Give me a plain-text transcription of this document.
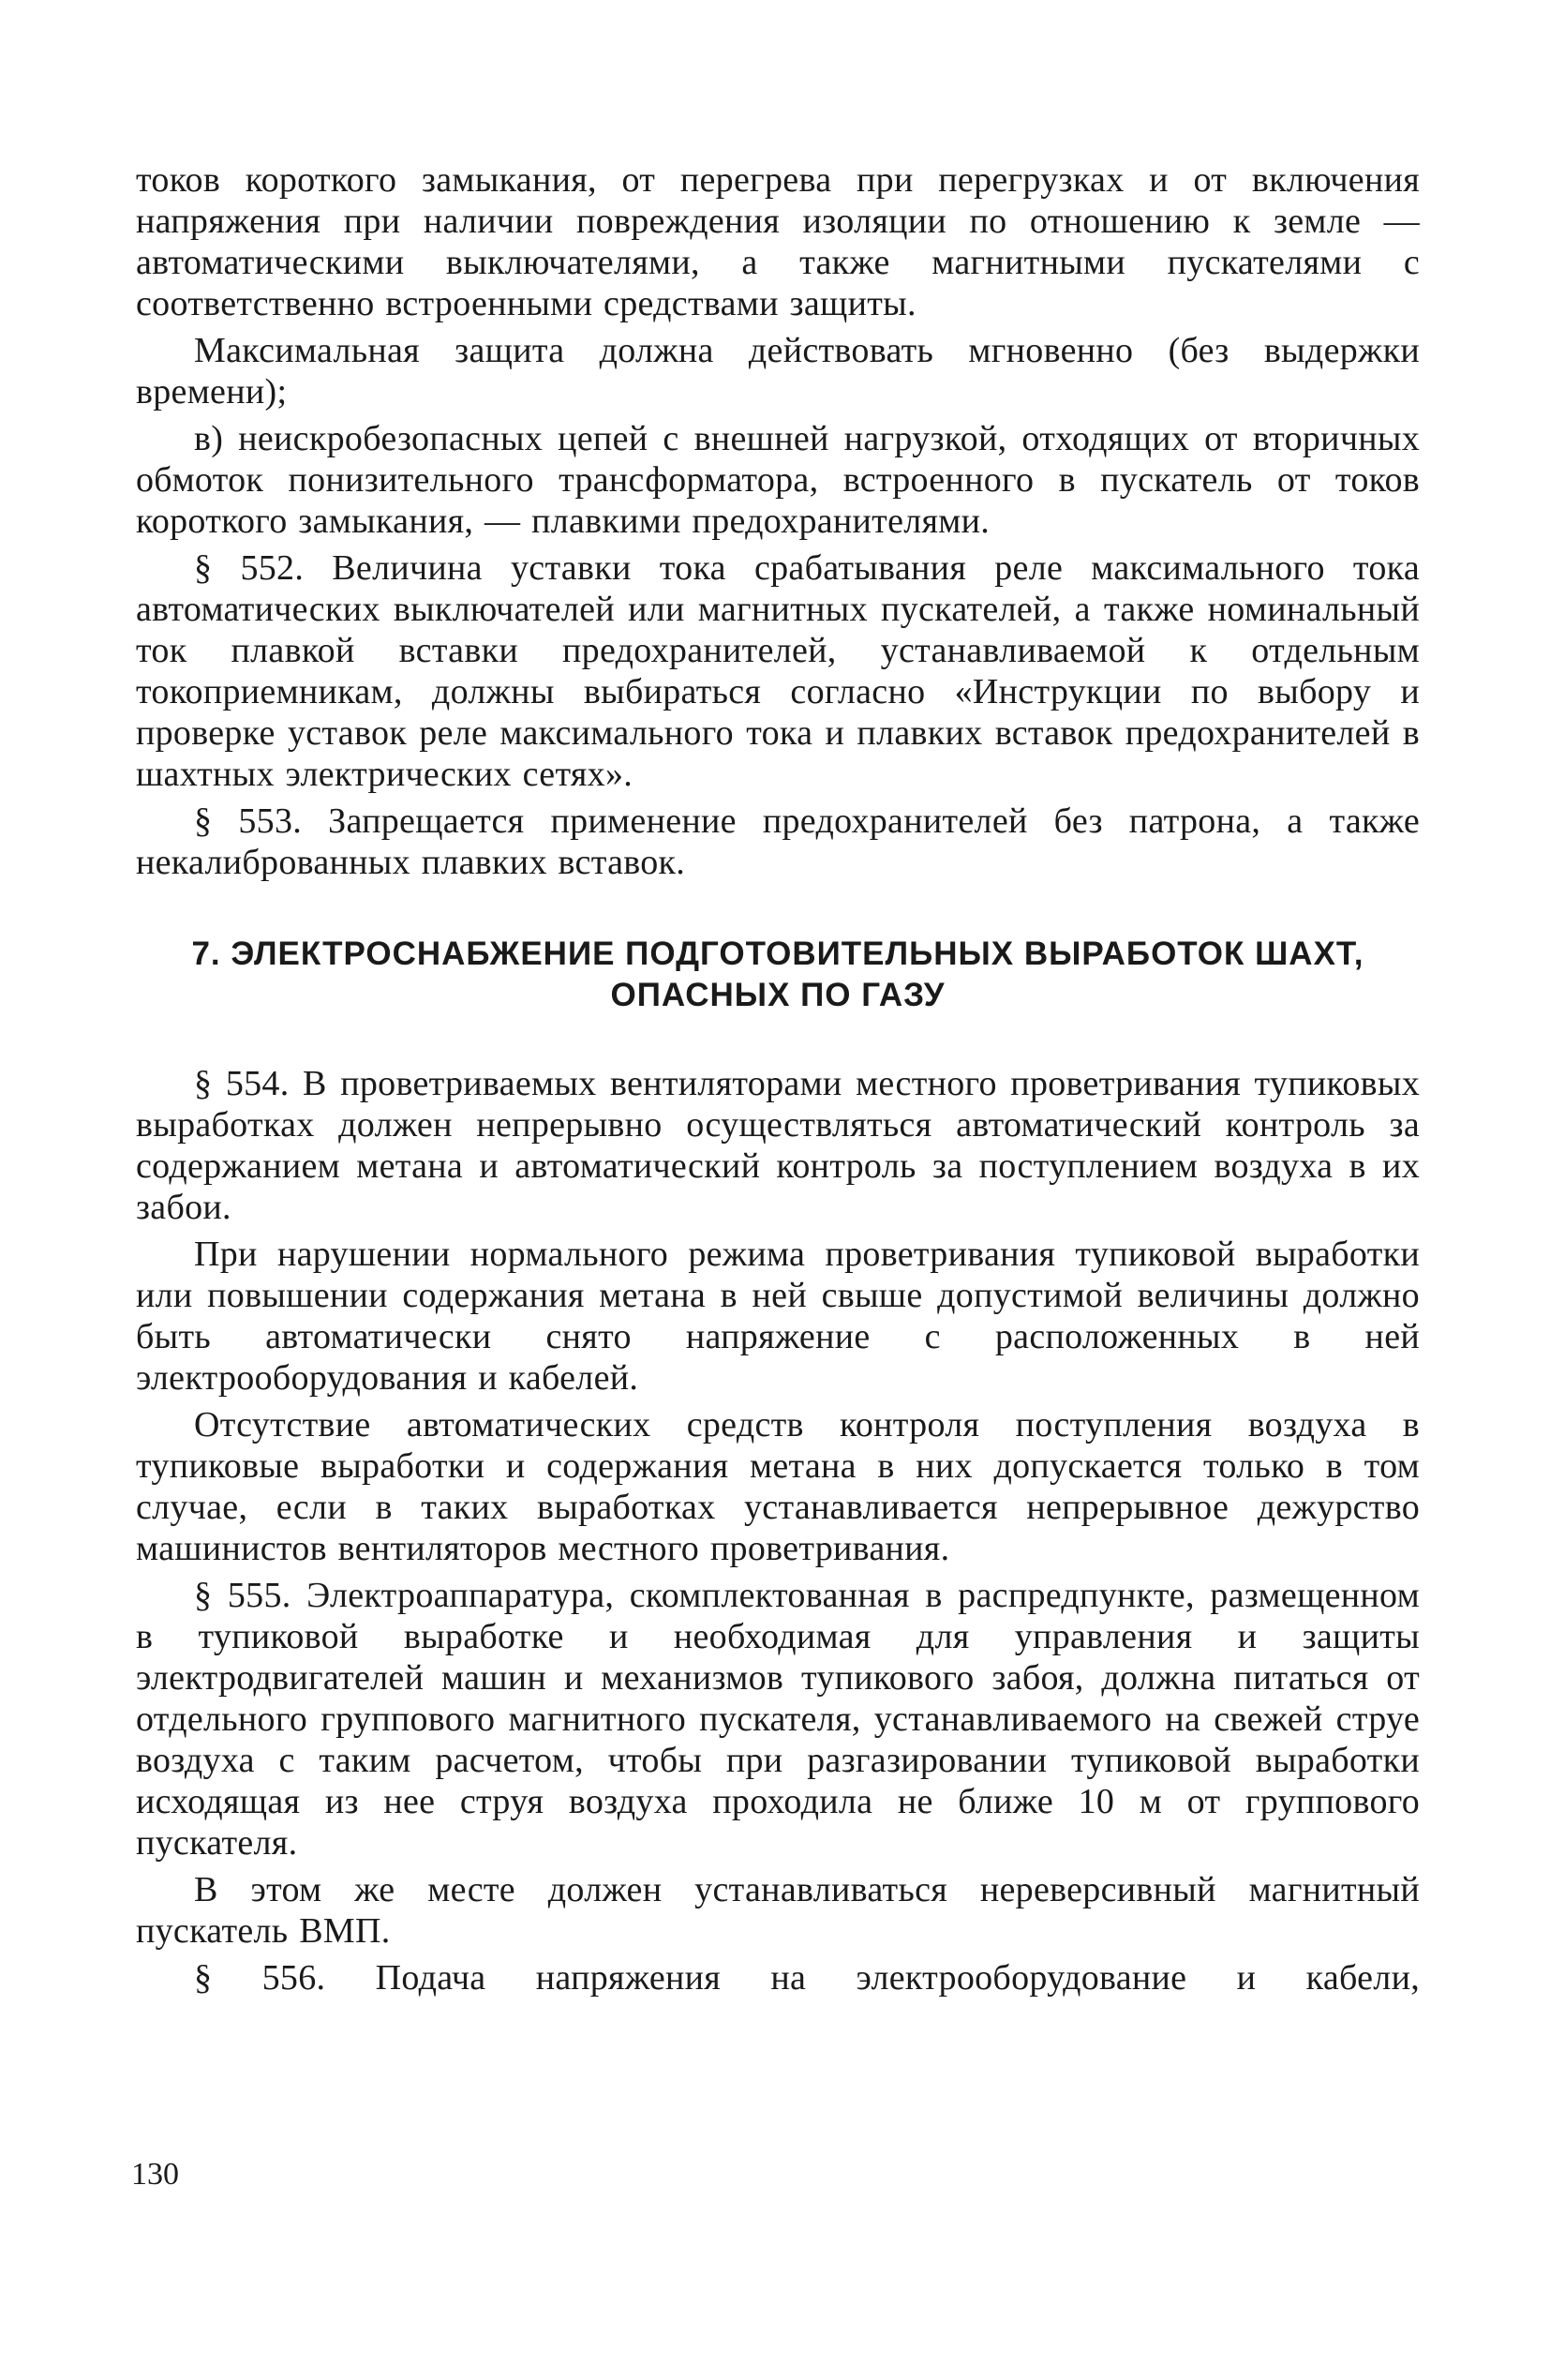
токов короткого замыкания, от перегрева при перегрузках и от включения напряжения при наличии повреждения изоляции по отношению к земле — автоматическими выключателями, а также магнитными пускателями с соответственно встроенными средствами защиты.

Максимальная защита должна действовать мгновенно (без выдержки времени);

в) неискробезопасных цепей с внешней нагрузкой, отходящих от вторичных обмоток понизительного трансформатора, встроенного в пускатель от токов короткого замыкания, — плавкими предохранителями.

§ 552. Величина уставки тока срабатывания реле максимального тока автоматических выключателей или магнитных пускателей, а также номинальный ток плавкой вставки предохранителей, устанавливаемой к отдельным токоприемникам, должны выбираться согласно «Инструкции по выбору и проверке уставок реле максимального тока и плавких вставок предохранителей в шахтных электрических сетях».

§ 553. Запрещается применение предохранителей без патрона, а также некалиброванных плавких вставок.

7. ЭЛЕКТРОСНАБЖЕНИЕ ПОДГОТОВИТЕЛЬНЫХ ВЫРАБОТОК ШАХТ,
ОПАСНЫХ ПО ГАЗУ

§ 554. В проветриваемых вентиляторами местного проветривания тупиковых выработках должен непрерывно осуществляться автоматический контроль за содержанием метана и автоматический контроль за поступлением воздуха в их забои.

При нарушении нормального режима проветривания тупиковой выработки или повышении содержания метана в ней свыше допустимой величины должно быть автоматически снято напряжение с расположенных в ней электрооборудования и кабелей.

Отсутствие автоматических средств контроля поступления воздуха в тупиковые выработки и содержания метана в них допускается только в том случае, если в таких выработках устанавливается непрерывное дежурство машинистов вентиляторов местного проветривания.

§ 555. Электроаппаратура, скомплектованная в распредпункте, размещенном в тупиковой выработке и необходимая для управления и защиты электродвигателей машин и механизмов тупикового забоя, должна питаться от отдельного группового магнитного пускателя, устанавливаемого на свежей струе воздуха с таким расчетом, чтобы при разгазировании тупиковой выработки исходящая из нее струя воздуха проходила не ближе 10 м от группового пускателя.

В этом же месте должен устанавливаться нереверсивный магнитный пускатель ВМП.

§ 556. Подача напряжения на электрооборудование и кабели,

130
